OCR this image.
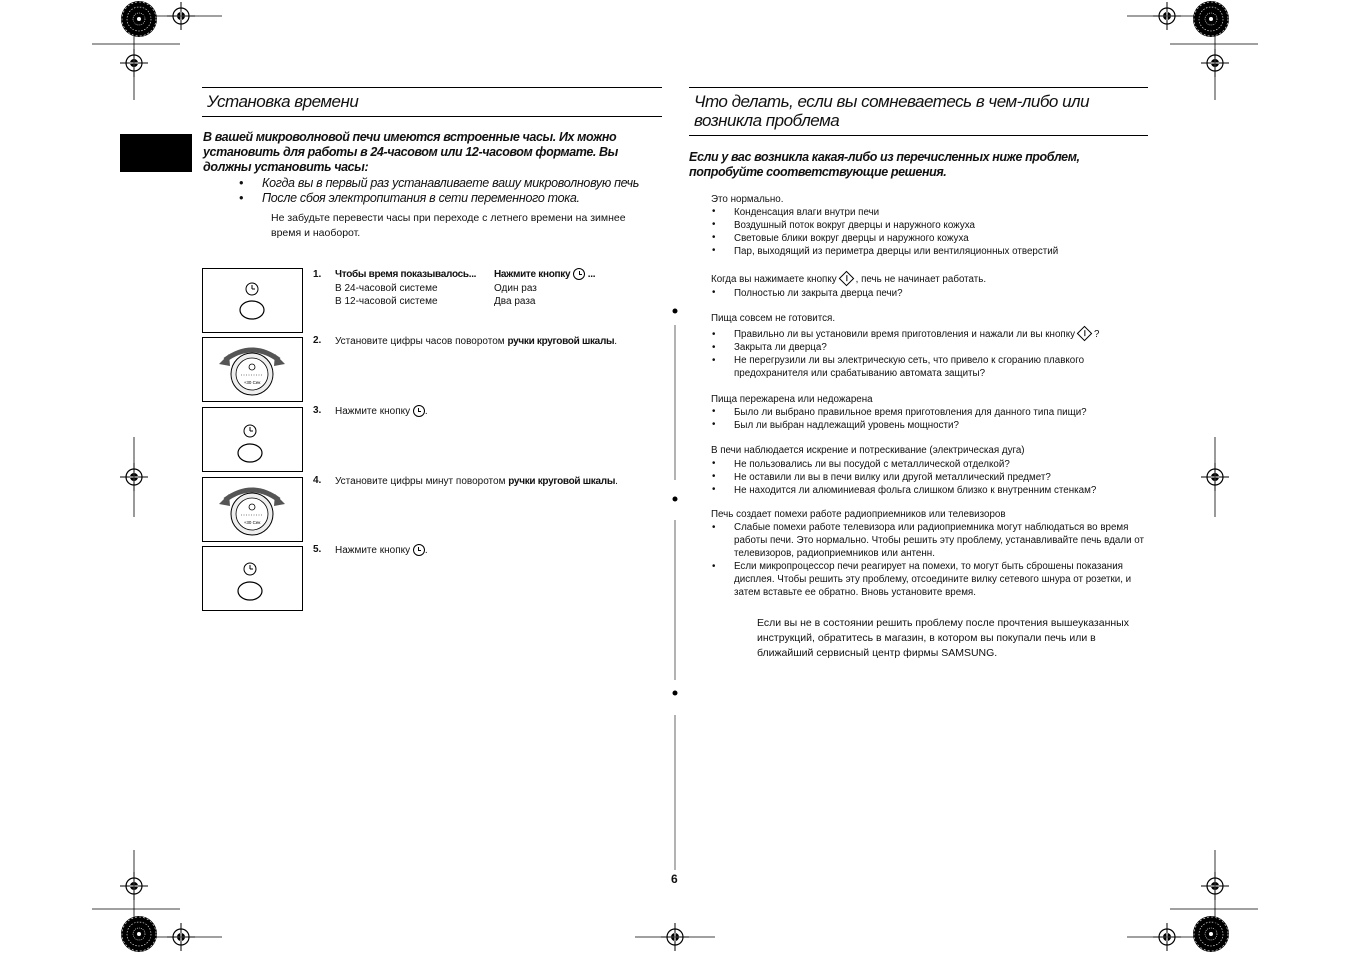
Установка времени
В вашей микроволновой печи имеются встроенные часы. Их можно установить для работы в 24-часовом или 12-часовом формате. Вы должны установить часы:
• Когда вы в первый раз устанавливаете вашу микроволновую печь
• После сбоя электропитания в сети переменного тока.
Не забудьте перевести часы при переходе с летнего времени на зимнее время и наоборот.
+30 Сек
+30 Сек
1. Чтобы время показывалось... Нажмите кнопку ...
В 24-часовой системе	Один раз
В 12-часовой системе	Два раза
2. Установите цифры часов поворотом ручки круговой шкалы.
3. Нажмите кнопку .
4. Установите цифры минут поворотом ручки круговой шкалы.
5. Нажмите кнопку .
Что делать, если вы сомневаетесь в чем-либо или возникла проблема
Если у вас возникла какая-либо из перечисленных ниже проблем, попробуйте соответствующие решения.
Это нормально.
• Конденсация влаги внутри печи
• Воздушный поток вокруг дверцы и наружного кожуха
• Световые блики вокруг дверцы и наружного кожуха
• Пар, выходящий из периметра дверцы или вентиляционных отверстий
Когда вы нажимаете кнопку , печь не начинает работать.
• Полностью ли закрыта дверца печи?
Пища совсем не готовится.
• Правильно ли вы установили время приготовления и нажали ли вы кнопку ?
• Закрыта ли дверца?
• Не перегрузили ли вы электрическую сеть, что привело к сгоранию плавкого предохранителя или срабатыванию автомата защиты?
Пища пережарена или недожарена
• Было ли выбрано правильное время приготовления для данного типа пищи?
• Был ли выбран надлежащий уровень мощности?
В печи наблюдается искрение и потрескивание (электрическая дуга)
• Не пользовались ли вы посудой с металлической отделкой?
• Не оставили ли вы в печи вилку или другой металлический предмет?
• Не находится ли алюминиевая фольга слишком близко к внутренним стенкам?
Печь создает помехи работе радиоприемников или телевизоров
• Слабые помехи работе телевизора или радиоприемника могут наблюдаться во время работы печи. Это нормально. Чтобы решить эту проблему, устанавливайте печь вдали от телевизоров, радиоприемников или антенн.
• Если микропроцессор печи реагирует на помехи, то могут быть сброшены показания дисплея. Чтобы решить эту проблему, отсоедините вилку сетевого шнура от розетки, и затем вставьте ее обратно. Вновь установите время.
Если вы не в состоянии решить проблему после прочтения вышеуказанных инструкций, обратитесь в магазин, в котором вы покупали печь или в ближайший сервисный центр фирмы SAMSUNG.
6
